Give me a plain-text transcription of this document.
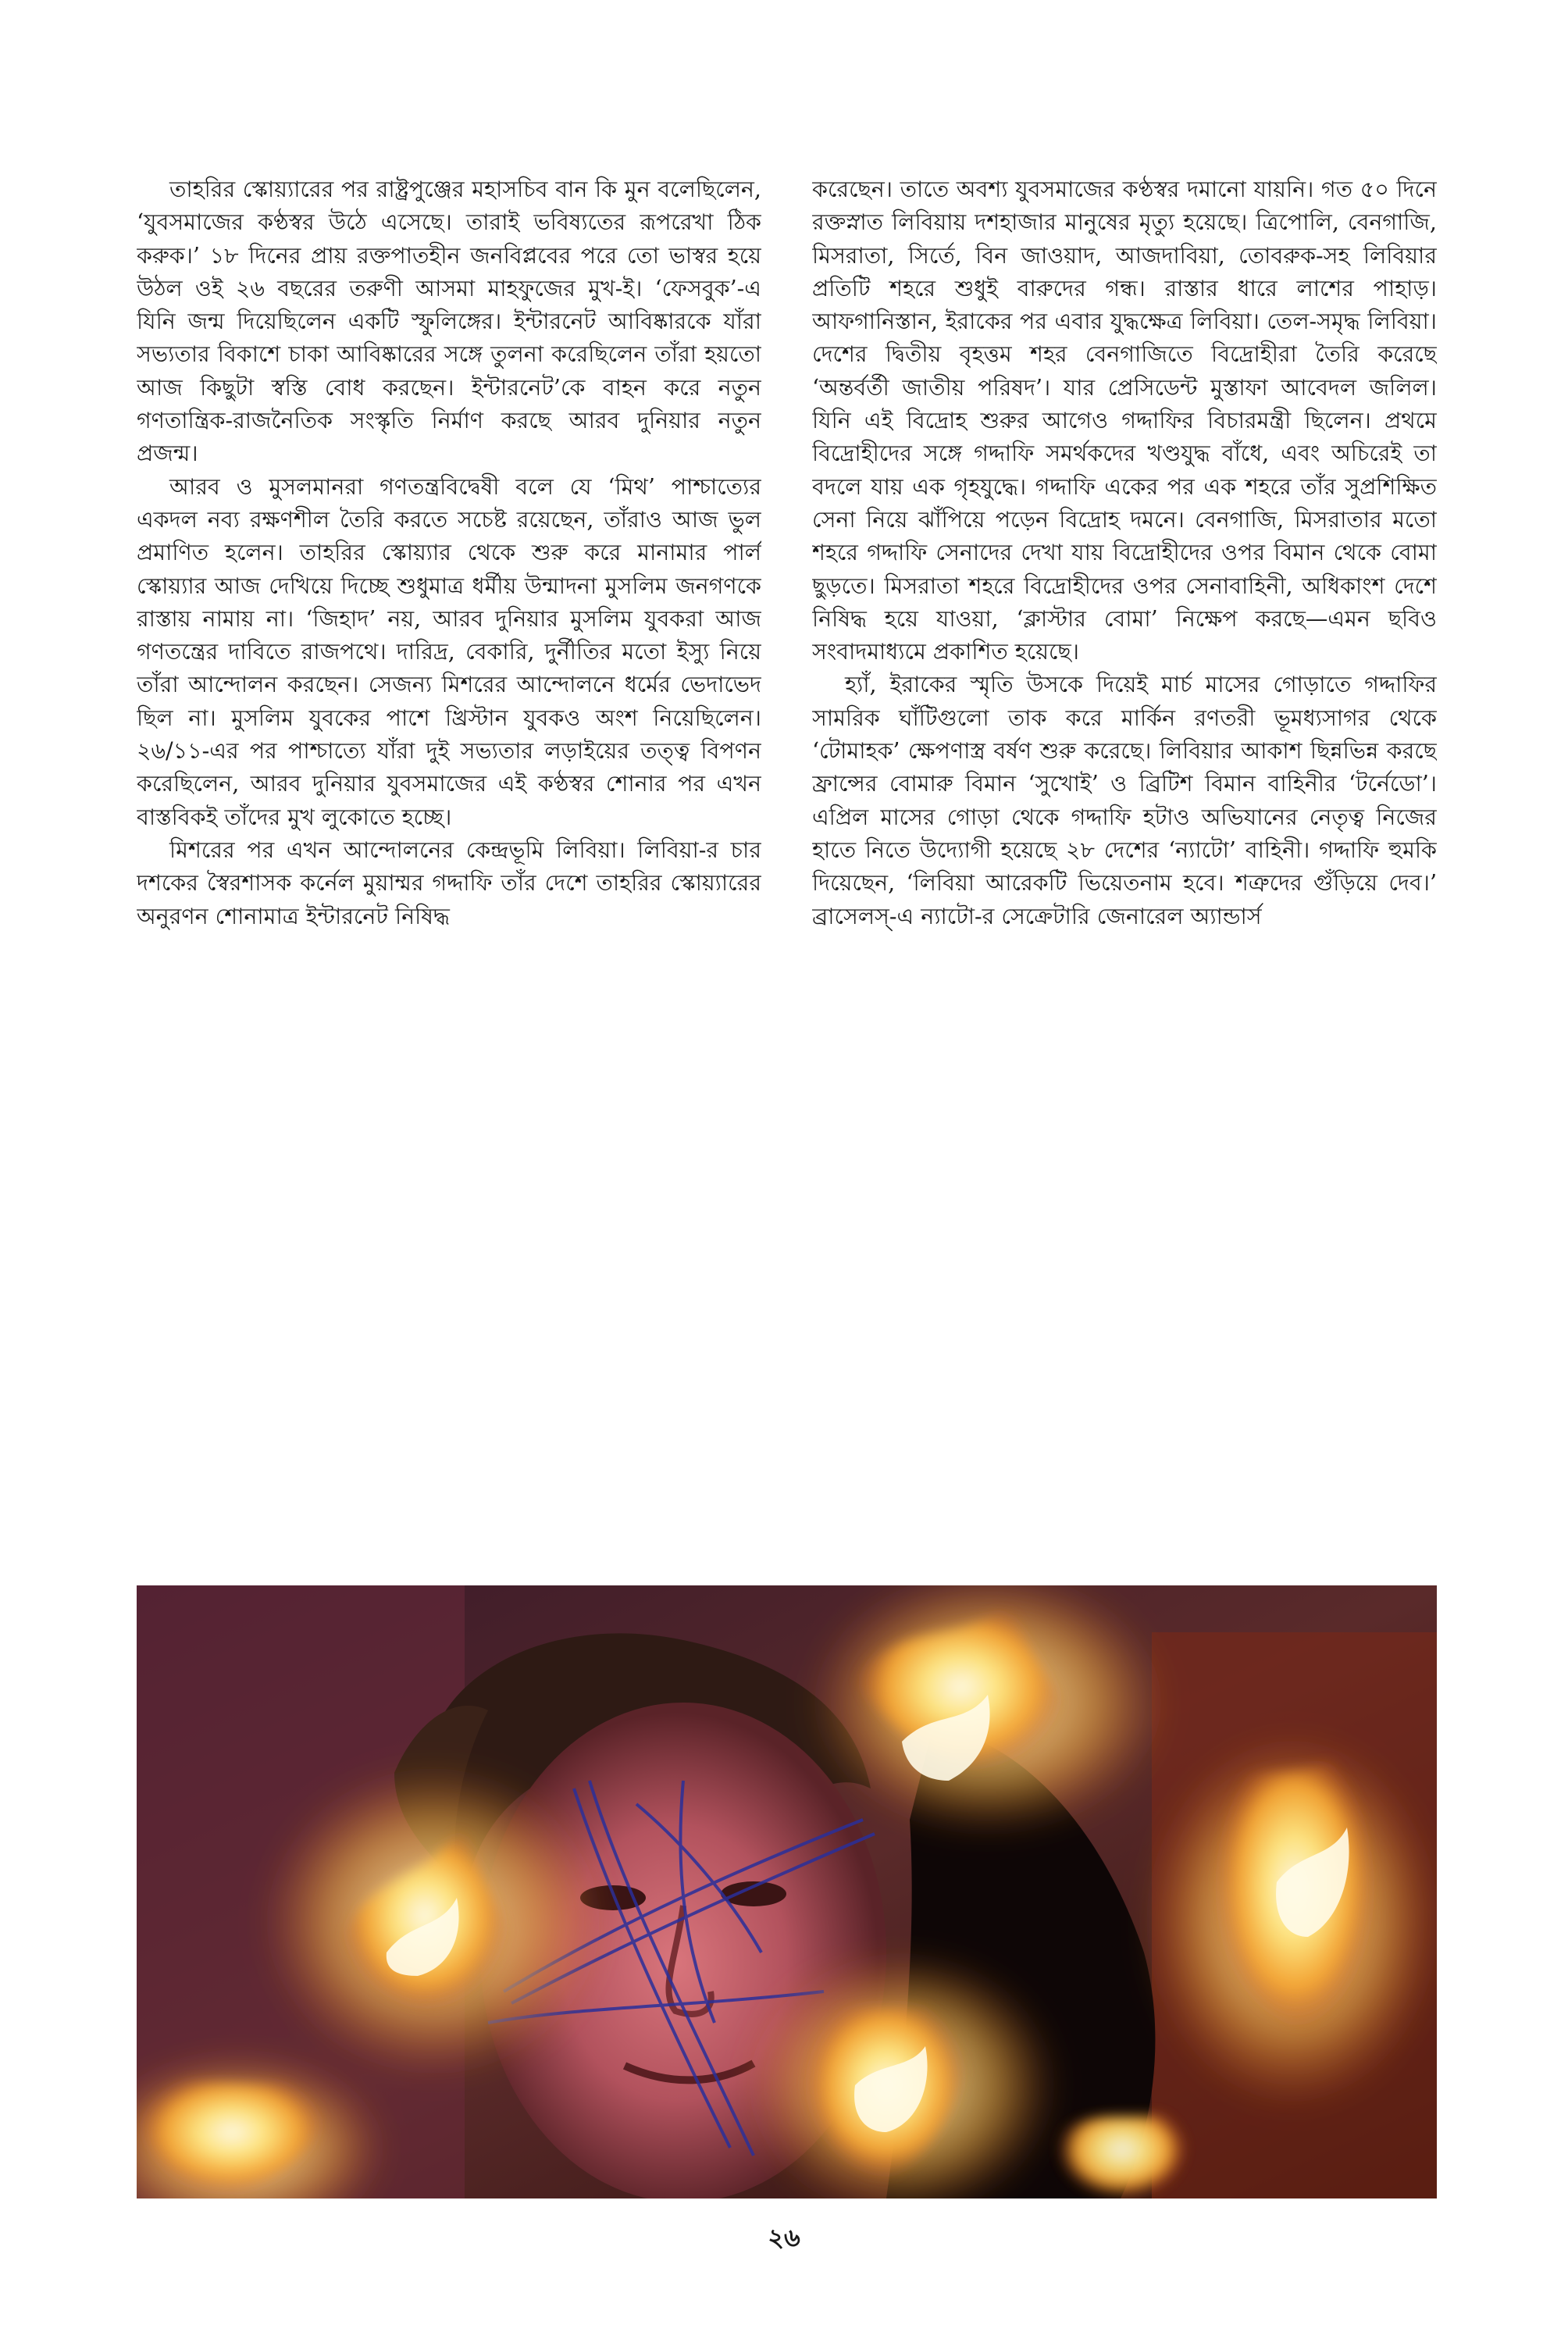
তাহরির স্কোয়্যারের পর রাষ্ট্রপুঞ্জের মহাসচিব বান কি মুন বলেছিলেন, ‘যুবসমাজের কণ্ঠস্বর উঠে এসেছে। তারাই ভবিষ্যতের রূপরেখা ঠিক করুক।’ ১৮ দিনের প্রায় রক্তপাতহীন জনবিপ্লবের পরে তো ভাস্বর হয়ে উঠল ওই ২৬ বছরের তরুণী আসমা মাহফুজের মুখ-ই। ‘ফেসবুক’-এ যিনি জন্ম দিয়েছিলেন একটি স্ফুলিঙ্গের। ইন্টারনেট আবিষ্কারকে যাঁরা সভ্যতার বিকাশে চাকা আবিষ্কারের সঙ্গে তুলনা করেছিলেন তাঁরা হয়তো আজ কিছুটা স্বস্তি বোধ করছেন। ইন্টারনেট’কে বাহন করে নতুন গণতান্ত্রিক-রাজনৈতিক সংস্কৃতি নির্মাণ করছে আরব দুনিয়ার নতুন প্রজন্ম।

আরব ও মুসলমানরা গণতন্ত্রবিদ্বেষী বলে যে ‘মিথ’ পাশ্চাত্যের একদল নব্য রক্ষণশীল তৈরি করতে সচেষ্ট রয়েছেন, তাঁরাও আজ ভুল প্রমাণিত হলেন। তাহরির স্কোয়্যার থেকে শুরু করে মানামার পার্ল স্কোয়্যার আজ দেখিয়ে দিচ্ছে শুধুমাত্র ধর্মীয় উন্মাদনা মুসলিম জনগণকে রাস্তায় নামায় না। ‘জিহাদ’ নয়, আরব দুনিয়ার মুসলিম যুবকরা আজ গণতন্ত্রের দাবিতে রাজপথে। দারিদ্র, বেকারি, দুর্নীতির মতো ইস্যু নিয়ে তাঁরা আন্দোলন করছেন। সেজন্য মিশরের আন্দোলনে ধর্মের ভেদাভেদ ছিল না। মুসলিম যুবকের পাশে খ্রিস্টান যুবকও অংশ নিয়েছিলেন। ২৬/১১-এর পর পাশ্চাত্যে যাঁরা দুই সভ্যতার লড়াইয়ের তত্ত্ব বিপণন করেছিলেন, আরব দুনিয়ার যুবসমাজের এই কণ্ঠস্বর শোনার পর এখন বাস্তবিকই তাঁদের মুখ লুকোতে হচ্ছে।

মিশরের পর এখন আন্দোলনের কেন্দ্রভূমি লিবিয়া। লিবিয়া-র চার দশকের স্বৈরশাসক কর্নেল মুয়াম্মর গদ্দাফি তাঁর দেশে তাহরির স্কোয়্যারের অনুরণন শোনামাত্র ইন্টারনেট নিষিদ্ধ

করেছেন। তাতে অবশ্য যুবসমাজের কণ্ঠস্বর দমানো যায়নি। গত ৫০ দিনে রক্তস্নাত লিবিয়ায় দশহাজার মানুষের মৃত্যু হয়েছে। ত্রিপোলি, বেনগাজি, মিসরাতা, সির্তে, বিন জাওয়াদ, আজদাবিয়া, তোবরুক-সহ লিবিয়ার প্রতিটি শহরে শুধুই বারুদের গন্ধ। রাস্তার ধারে লাশের পাহাড়। আফগানিস্তান, ইরাকের পর এবার যুদ্ধক্ষেত্র লিবিয়া। তেল-সমৃদ্ধ লিবিয়া। দেশের দ্বিতীয় বৃহত্তম শহর বেনগাজিতে বিদ্রোহীরা তৈরি করেছে ‘অন্তর্বর্তী জাতীয় পরিষদ’। যার প্রেসিডেন্ট মুস্তাফা আবেদল জলিল। যিনি এই বিদ্রোহ শুরুর আগেও গদ্দাফির বিচারমন্ত্রী ছিলেন। প্রথমে বিদ্রোহীদের সঙ্গে গদ্দাফি সমর্থকদের খণ্ডযুদ্ধ বাঁধে, এবং অচিরেই তা বদলে যায় এক গৃহযুদ্ধে। গদ্দাফি একের পর এক শহরে তাঁর সুপ্রশিক্ষিত সেনা নিয়ে ঝাঁপিয়ে পড়েন বিদ্রোহ দমনে। বেনগাজি, মিসরাতার মতো শহরে গদ্দাফি সেনাদের দেখা যায় বিদ্রোহীদের ওপর বিমান থেকে বোমা ছুড়তে। মিসরাতা শহরে বিদ্রোহীদের ওপর সেনাবাহিনী, অধিকাংশ দেশে নিষিদ্ধ হয়ে যাওয়া, ‘ক্লাস্টার বোমা’ নিক্ষেপ করছে—এমন ছবিও সংবাদমাধ্যমে প্রকাশিত হয়েছে।

হ্যাঁ, ইরাকের স্মৃতি উসকে দিয়েই মার্চ মাসের গোড়াতে গদ্দাফির সামরিক ঘাঁটিগুলো তাক করে মার্কিন রণতরী ভূমধ্যসাগর থেকে ‘টোমাহক’ ক্ষেপণাস্ত্র বর্ষণ শুরু করেছে। লিবিয়ার আকাশ ছিন্নভিন্ন করছে ফ্রান্সের বোমারু বিমান ‘সুখোই’ ও ব্রিটিশ বিমান বাহিনীর ‘টর্নেডো’। এপ্রিল মাসের গোড়া থেকে গদ্দাফি হটাও অভিযানের নেতৃত্ব নিজের হাতে নিতে উদ্যোগী হয়েছে ২৮ দেশের ‘ন্যাটো’ বাহিনী। গদ্দাফি হুমকি দিয়েছেন, ‘লিবিয়া আরেকটি ভিয়েতনাম হবে। শত্রুদের গুঁড়িয়ে দেব।’ ব্রাসেলস্-এ ন্যাটো-র সেক্রেটারি জেনারেল অ্যান্ডার্স

২৬
